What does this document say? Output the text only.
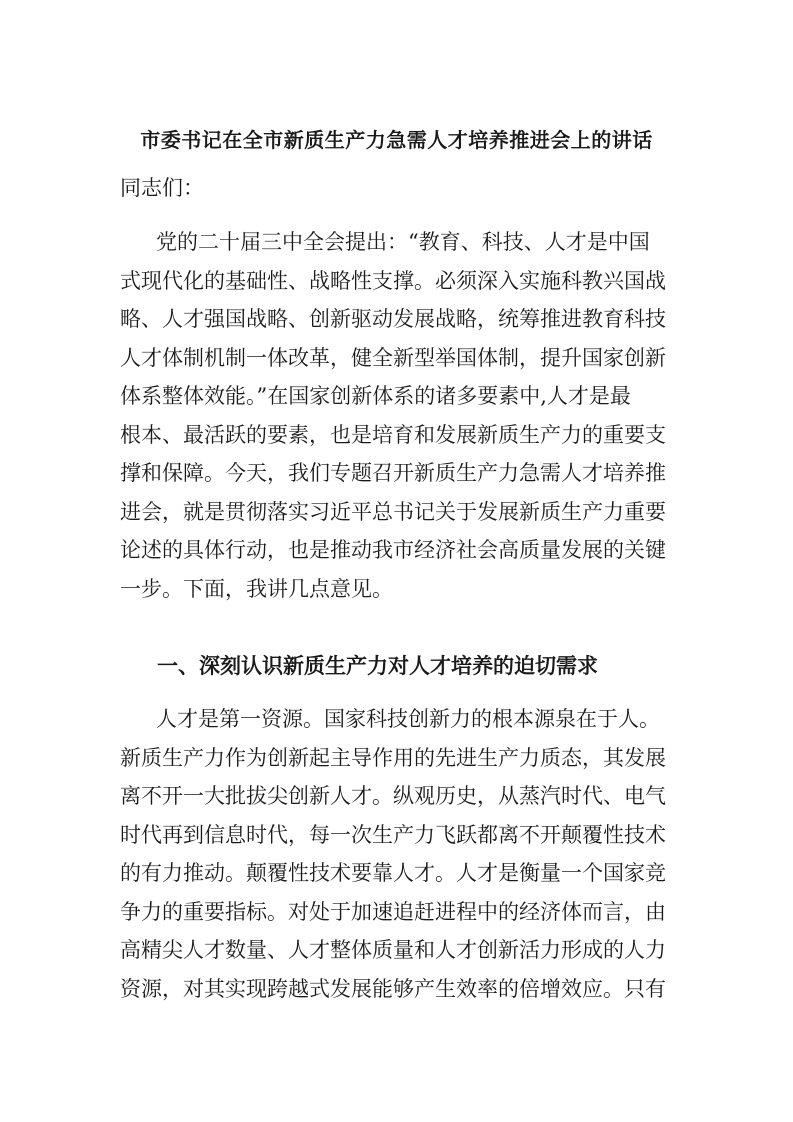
市委书记在全市新质生产力急需人才培养推进会上的讲话
同志们：
党的二十届三中全会提出：“教育、科技、人才是中国
式现代化的基础性、战略性支撑。必须深入实施科教兴国战
略、人才强国战略、创新驱动发展战略，统筹推进教育科技
人才体制机制一体改革，健全新型举国体制，提升国家创新
体系整体效能。”在国家创新体系的诸多要素中,人才是最
根本、最活跃的要素，也是培育和发展新质生产力的重要支
撑和保障。今天，我们专题召开新质生产力急需人才培养推
进会，就是贯彻落实习近平总书记关于发展新质生产力重要
论述的具体行动，也是推动我市经济社会高质量发展的关键
一步。下面，我讲几点意见。
一、深刻认识新质生产力对人才培养的迫切需求
人才是第一资源。国家科技创新力的根本源泉在于人。
新质生产力作为创新起主导作用的先进生产力质态，其发展
离不开一大批拔尖创新人才。纵观历史，从蒸汽时代、电气
时代再到信息时代，每一次生产力飞跃都离不开颠覆性技术
的有力推动。颠覆性技术要靠人才。人才是衡量一个国家竞
争力的重要指标。对处于加速追赶进程中的经济体而言，由
高精尖人才数量、人才整体质量和人才创新活力形成的人力
资源，对其实现跨越式发展能够产生效率的倍增效应。只有
